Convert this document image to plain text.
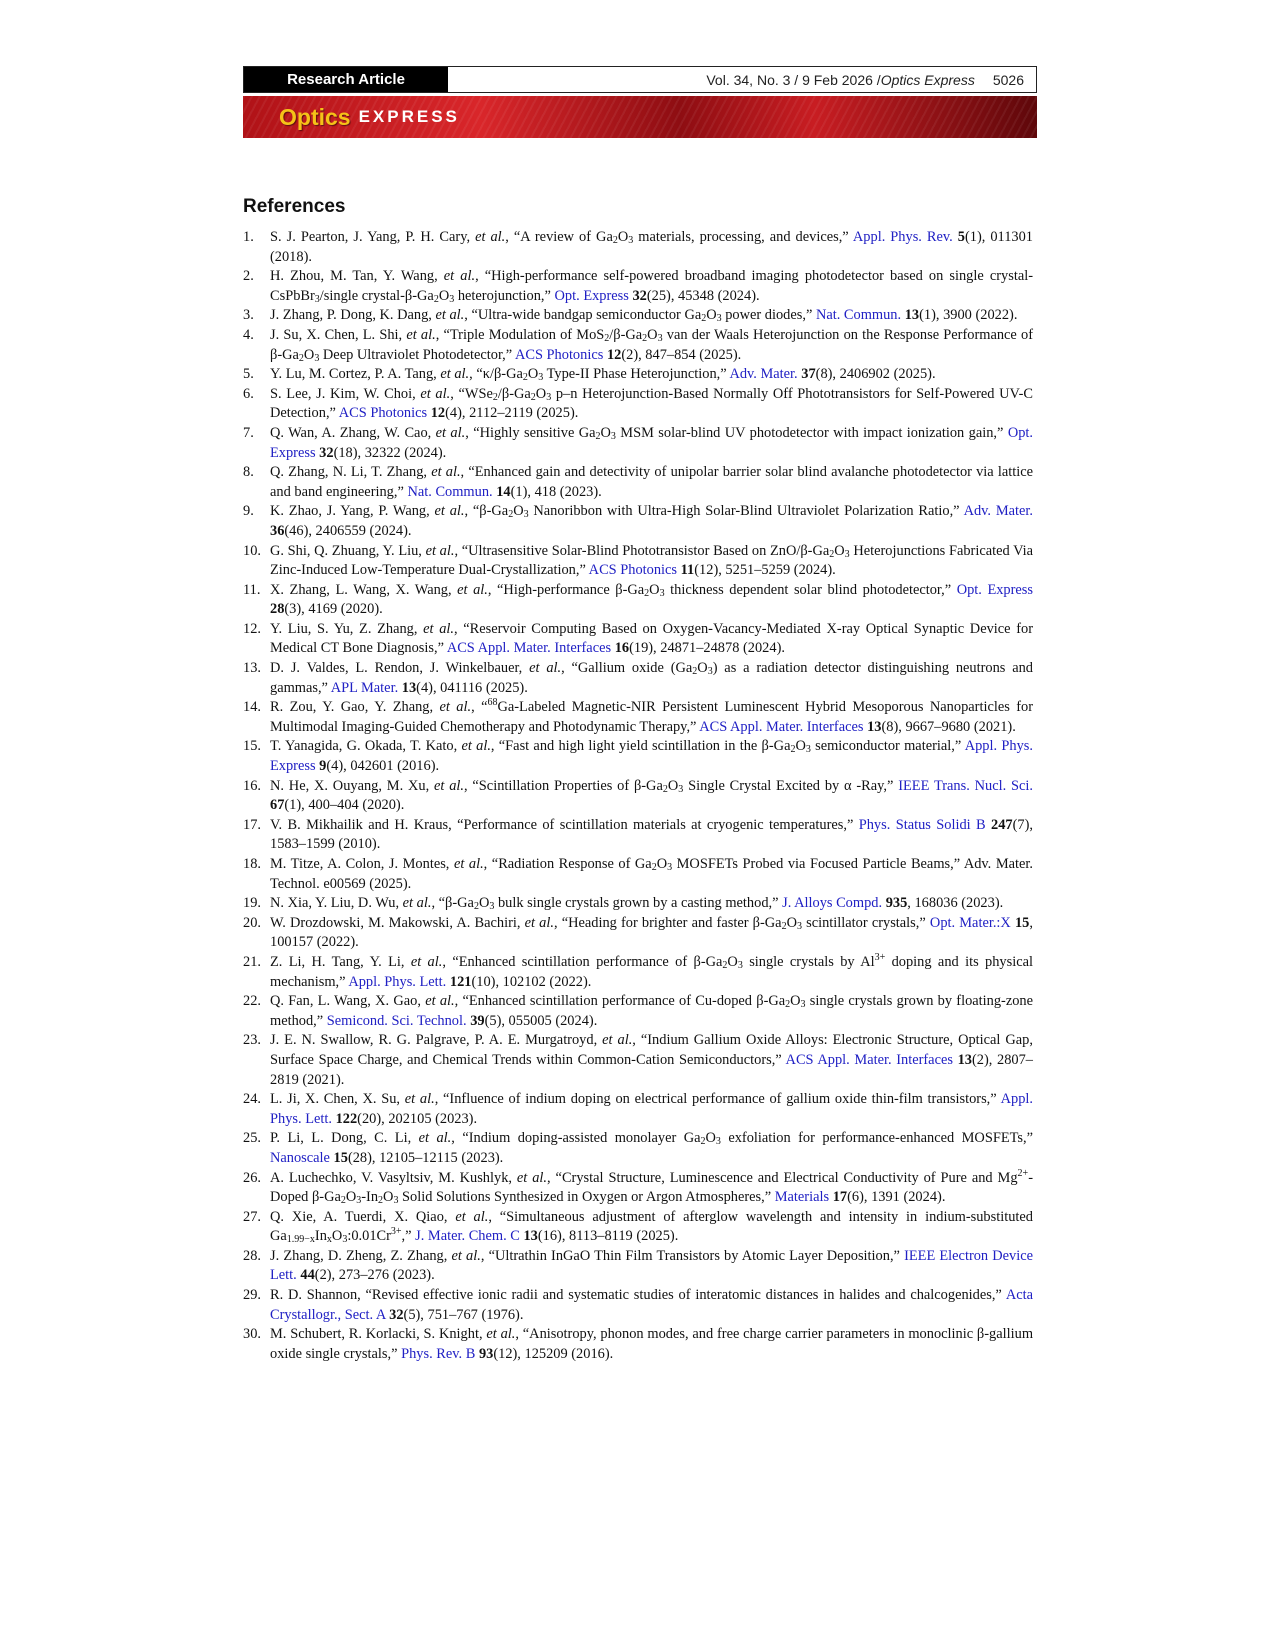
Research Article	Vol. 34, No. 3 / 9 Feb 2026 / Optics Express 5026
Optics EXPRESS
References
1.	S. J. Pearton, J. Yang, P. H. Cary, et al., “A review of $Ga_2O_3$ materials, processing, and devices,” Appl. Phys. Rev. 5(1), 011301 (2018).
2.	H. Zhou, M. Tan, Y. Wang, et al., “High-performance self-powered broadband imaging photodetector based on single crystal-CsPbBr$_3$/single crystal-$\beta-Ga_2O_3$ heterojunction,” Opt. Express 32(25), 45348 (2024).
3.	J. Zhang, P. Dong, K. Dang, et al., “Ultra-wide bandgap semiconductor $Ga_2O_3$ power diodes,” Nat. Commun. 13(1), 3900 (2022).
4.	J. Su, X. Chen, L. Shi, et al., “Triple Modulation of $MoS_2/\beta-Ga_2O_3$ van der Waals Heterojunction on the Response Performance of $\beta-Ga_2O_3$ Deep Ultraviolet Photodetector,” ACS Photonics 12(2), 847–854 (2025).
5.	Y. Lu, M. Cortez, P. A. Tang, et al., “$\kappa/\beta-Ga_2O_3$ Type-II Phase Heterojunction,” Adv. Mater. 37(8), 2406902 (2025).
6.	S. Lee, J. Kim, W. Choi, et al., “$WSe_2/\beta-Ga_2O_3$ p–n Heterojunction-Based Normally Off Phototransistors for Self-Powered UV-C Detection,” ACS Photonics 12(4), 2112–2119 (2025).
7.	Q. Wan, A. Zhang, W. Cao, et al., “Highly sensitive $Ga_2O_3$ MSM solar-blind UV photodetector with impact ionization gain,” Opt. Express 32(18), 32322 (2024).
8.	Q. Zhang, N. Li, T. Zhang, et al., “Enhanced gain and detectivity of unipolar barrier solar blind avalanche photodetector via lattice and band engineering,” Nat. Commun. 14(1), 418 (2023).
9.	K. Zhao, J. Yang, P. Wang, et al., “$\beta-Ga_2O_3$ Nanoribbon with Ultra-High Solar-Blind Ultraviolet Polarization Ratio,” Adv. Mater. 36(46), 2406559 (2024).
10. G. Shi, Q. Zhuang, Y. Liu, et al., “Ultrasensitive Solar-Blind Phototransistor Based on ZnO/$\beta-Ga_2O_3$ Heterojunctions Fabricated Via Zinc-Induced Low-Temperature Dual-Crystallization,” ACS Photonics 11(12), 5251–5259 (2024).
11. X. Zhang, L. Wang, X. Wang, et al., “High-performance $\beta-Ga_2O_3$ thickness dependent solar blind photodetector,” Opt. Express 28(3), 4169 (2020).
12. Y. Liu, S. Yu, Z. Zhang, et al., “Reservoir Computing Based on Oxygen-Vacancy-Mediated X-ray Optical Synaptic Device for Medical CT Bone Diagnosis,” ACS Appl. Mater. Interfaces 16(19), 24871–24878 (2024).
13. D. J. Valdes, L. Rendon, J. Winkelbauer, et al., “Gallium oxide $(Ga_2O_3)$ as a radiation detector distinguishing neutrons and gammas,” APL Mater. 13(4), 041116 (2025).
14. R. Zou, Y. Gao, Y. Zhang, et al., “$^{68}$Ga-Labeled Magnetic-NIR Persistent Luminescent Hybrid Mesoporous Nanoparticles for Multimodal Imaging-Guided Chemotherapy and Photodynamic Therapy,” ACS Appl. Mater. Interfaces 13(8), 9667–9680 (2021).
15. T. Yanagida, G. Okada, T. Kato, et al., “Fast and high light yield scintillation in the $\beta-Ga_2O_3$ semiconductor material,” Appl. Phys. Express 9(4), 042601 (2016).
16. N. He, X. Ouyang, M. Xu, et al., “Scintillation Properties of $\beta-Ga_2O_3$ Single Crystal Excited by α -Ray,” IEEE Trans. Nucl. Sci. 67(1), 400–404 (2020).
17. V. B. Mikhailik and H. Kraus, “Performance of scintillation materials at cryogenic temperatures,” Phys. Status Solidi B 247(7), 1583–1599 (2010).
18. M. Titze, A. Colon, J. Montes, et al., “Radiation Response of $Ga_2O_3$ MOSFETs Probed via Focused Particle Beams,” Adv. Mater. Technol. e00569 (2025).
19. N. Xia, Y. Liu, D. Wu, et al., “$\beta-Ga_2O_3$ bulk single crystals grown by a casting method,” J. Alloys Compd. 935, 168036 (2023).
20. W. Drozdowski, M. Makowski, A. Bachiri, et al., “Heading for brighter and faster $\beta-Ga_2O_3$ scintillator crystals,” Opt. Mater.:X 15, 100157 (2022).
21. Z. Li, H. Tang, Y. Li, et al., “Enhanced scintillation performance of $\beta-Ga_2O_3$ single crystals by $Al^{3+}$ doping and its physical mechanism,” Appl. Phys. Lett. 121(10), 102102 (2022).
22. Q. Fan, L. Wang, X. Gao, et al., “Enhanced scintillation performance of Cu-doped $\beta-Ga_2O_3$ single crystals grown by floating-zone method,” Semicond. Sci. Technol. 39(5), 055005 (2024).
23. J. E. N. Swallow, R. G. Palgrave, P. A. E. Murgatroyd, et al., “Indium Gallium Oxide Alloys: Electronic Structure, Optical Gap, Surface Space Charge, and Chemical Trends within Common-Cation Semiconductors,” ACS Appl. Mater. Interfaces 13(2), 2807–2819 (2021).
24. L. Ji, X. Chen, X. Su, et al., “Influence of indium doping on electrical performance of gallium oxide thin-film transistors,” Appl. Phys. Lett. 122(20), 202105 (2023).
25. P. Li, L. Dong, C. Li, et al., “Indium doping-assisted monolayer $Ga_2O_3$ exfoliation for performance-enhanced MOSFETs,” Nanoscale 15(28), 12105–12115 (2023).
26. A. Luchechko, V. Vasyltsiv, M. Kushlyk, et al., “Crystal Structure, Luminescence and Electrical Conductivity of Pure and $Mg^{2+}$-Doped $\beta-Ga_2O_3-In_2O_3$ Solid Solutions Synthesized in Oxygen or Argon Atmospheres,” Materials 17(6), 1391 (2024).
27. Q. Xie, A. Tuerdi, X. Qiao, et al., “Simultaneous adjustment of afterglow wavelength and intensity in indium-substituted $Ga_{1.99-x}In_xO_3:0.01Cr^{3+}$,” J. Mater. Chem. C 13(16), 8113–8119 (2025).
28. J. Zhang, D. Zheng, Z. Zhang, et al., “Ultrathin InGaO Thin Film Transistors by Atomic Layer Deposition,” IEEE Electron Device Lett. 44(2), 273–276 (2023).
29. R. D. Shannon, “Revised effective ionic radii and systematic studies of interatomic distances in halides and chalcogenides,” Acta Crystallogr., Sect. A 32(5), 751–767 (1976).
30. M. Schubert, R. Korlacki, S. Knight, et al., “Anisotropy, phonon modes, and free charge carrier parameters in monoclinic β-gallium oxide single crystals,” Phys. Rev. B 93(12), 125209 (2016).
